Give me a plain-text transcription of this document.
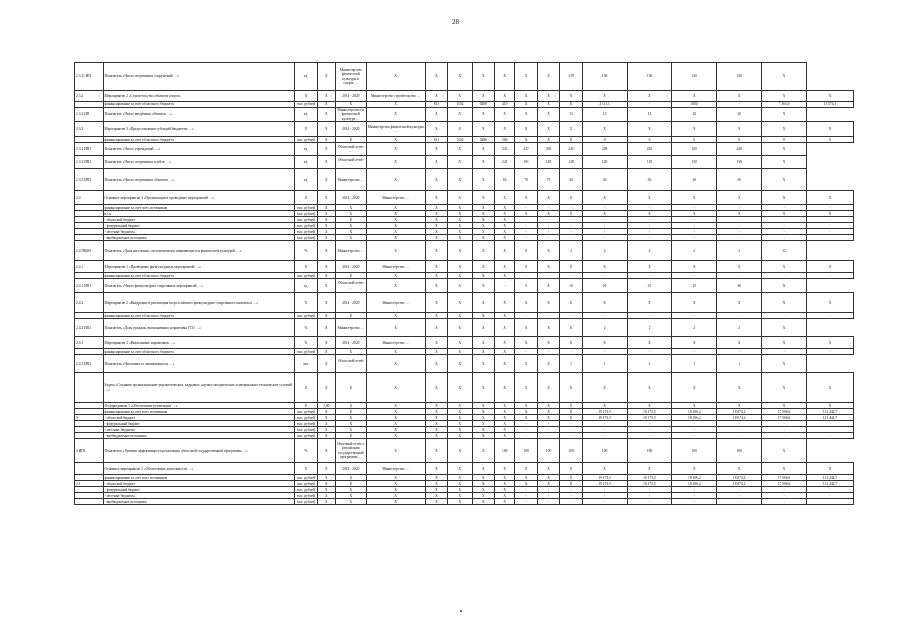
28
2.3.11 ИП	Показатель «Число спортивных сооружений …»	ед.	Х	Министерство физической культуры и спорта …	Х	Х	Х	Х	Х	Х	Х	139	139	130	130	130	Х	
2.3.2	Мероприятие 2 «Строительство объектов спорта»	Х	Х	2014 - 2020	Министерство строительства …	Х	Х	Х	Х	Х	Х	Х	Х	Х	Х	Х	Х	Х
	финансирование за счёт областного бюджета	тыс. рублей	Х	Х	Х	811	1102	0280	410	Х	Х	Х	2 111,1	-	100,0	-	7 363,0	11 574,1
2.3.2 ИП	Показатель «Число введённых объектов …»	ед.	Х	Министерство по физической культуре …	Х	Х	Х	Х	Х	Х	Х	13	15	15	20	20	Х	
2.3.3	Мероприятие 3 «Предоставление субсидий бюджетам …»	Х	Х	2014 - 2020	Министерство физической культуры …	Х	Х	Х	Х	Х	Х	Х	Х	Х	Х	Х	Х	Х
	финансирование за счёт областного бюджета	тыс. рублей	Х	Х	Х	811	1102	0280	500	Х	Х	Х	0	0	0	0	0	0
2.3.3 ИП1	Показатель «Число учреждений …»	ед.	Х	Областной отчёт …	Х	Х	Х	Х	243	247	250	245	248	245	250	240	Х	
2.3.3 ИП2	Показатель «Число спортивных клубов …»	ед.	Х	Областной отчёт …	Х	Х	Х	Х	241	191	148	128	120	118	130	136	Х	
2.3.3 ИП3	Показатель «Число спортивных объектов …»	ед.	Х	Министерство …	Х	Х	Х	Х	65	70	75	40	30	30	30	30	Х	
2.4	Основное мероприятие 4 «Организация и проведение мероприятий …»	Х	Х	2014 - 2020	Министерство …	Х	Х	Х	Х	Х	Х	Х	Х	Х	Х	Х	Х	Х
	финансирование за счёт всех источников	тыс. рублей	Х	Х	Х	Х	Х	Х	Х	-	-	-	-	-	-	-	-	-
	в т.ч.	тыс. рублей	Х	Х	Х	Х	Х	Х	Х	Х	Х	Х	Х	Х	Х	Х	Х	Х
	- областной бюджет	тыс. рублей	Х	Х	Х	Х	Х	Х	Х	-	-	-	-	-	-	-	-	-
	- федеральный бюджет	тыс. рублей	Х	Х	Х	Х	Х	Х	Х	-	-	-	-	-	-	-	-	-
	- местные бюджеты	тыс. рублей	Х	Х	Х	Х	Х	Х	Х	-	-	-	-	-	-	-	-	-
	- внебюджетные источники	тыс. рублей	Х	Х	Х	Х	Х	Х	Х	-	-	-	-	-	-	-	-	-
2.4 ПКМ1	Показатель «Доля населения, систематически занимающегося физической культурой …»	%	Х	Министерство …	Х	Х	Х	Х	Х	Х	Х	2	2	2	2	2	12	
2.4.1	Мероприятие 1 «Проведение физкультурных мероприятий …»	Х	Х	2014 - 2020	Министерство …	Х	Х	Х	Х	Х	Х	Х	Х	Х	Х	Х	Х	Х
	финансирование за счёт областного бюджета	тыс. рублей	Х	Х	Х	Х	Х	Х	Х	-	-	-	-	-	-	-	-	-
2.4.1 ИП1	Показатель «Число физкультурно-спортивных мероприятий …»	ед.	Х	Областной отчёт …	Х	Х	Х	Х	-	5	8	10	20	25	25	30	Х	
2.4.2	Мероприятие 2 «Внедрение и реализация всероссийского физкультурно-спортивного комплекса …»	Х	Х	2014 - 2020	Министерство …	Х	Х	Х	Х	Х	Х	Х	Х	Х	Х	Х	Х	Х
	финансирование за счёт областного бюджета	тыс. рублей	Х	Х	Х	Х	Х	Х	Х	-	-	-	-	-	-	-	-	-
2.4.2 ИП1	Показатель «Доля граждан, выполнивших нормативы ГТО …»	%	Х	Министерство …	Х	Х	Х	Х	Х	Х	Х	Х	2	2	2	2	Х	
2.4.3	Мероприятие 3 «Выполнение нормативов …»	Х	Х	2014 - 2020	Министерство …	Х	Х	Х	Х	Х	Х	Х	Х	Х	Х	Х	Х	Х
	финансирование за счёт областного бюджета	тыс. рублей	Х	Х	Х	Х	Х	Х	Х	-	-	-	-	-	-	-	-	-
2.4.3 ИП1	Показатель «Численность занимающихся …»	чел.	Х	Областной отчёт …	Х	Х	Х	Х	Х	Х	Х	1	1	1	1	1	Х	
	Задача «Создание организационно-управленческих, кадровых, научно-методических и материально-технических условий …»	Х	Х	Х	Х	Х	Х	Х	Х	Х	Х	Х	Х	Х	Х	Х	Х	Х
	Подпрограмма 3 «Обеспечение реализации …»	Х	1,00	Х	Х	Х	Х	Х	Х	Х	Х	Х	Х	Х	Х	Х	Х	Х
	финансирование за счёт всех источников	тыс. рублей	Х	Х	Х	Х	Х	Х	Х	Х	Х	Х	19 173,5	19 173,5	18 106,2	18 074,2	17 506,6	121 444,7
3	- областной бюджет	тыс. рублей	Х	Х	Х	Х	Х	Х	Х	Х	Х	Х	19 173,5	19 173,5	18 106,2	18 074,2	17 506,6	121 444,7
	- федеральный бюджет	тыс. рублей	Х	Х	Х	Х	Х	Х	Х	-	-	-	-	-	-	-	-	-
	- местные бюджеты	тыс. рублей	Х	Х	Х	Х	Х	Х	Х	-	-	-	-	-	-	-	-	-
	- внебюджетные источники	тыс. рублей	Х	Х	Х	Х	Х	Х	Х	-	-	-	-	-	-	-	-	-
3 ИП1	Показатель «Уровень эффективности реализации областной государственной программы …»	%	Х	Итоговый отчёт о реализации государственной программы …	Х	Х	Х	Х	100	100	100	100	100	100	100	100	Х	
	Основное мероприятие 1 «Обеспечение деятельности …»	Х	Х	2014 - 2020	Министерство …	Х	Х	Х	Х	Х	Х	Х	Х	Х	Х	Х	Х	Х
	финансирование за счёт всех источников	тыс. рублей	Х	Х	Х	Х	Х	Х	Х	Х	Х	Х	19 173,5	19 173,5	18 106,2	18 074,2	17 506,6	121 444,7
3.1	- областной бюджет	тыс. рублей	Х	Х	Х	Х	Х	Х	Х	Х	Х	Х	19 173,5	19 173,5	18 106,2	18 074,2	17 506,6	121 444,7
	- федеральный бюджет	тыс. рублей	Х	Х	Х	Х	Х	Х	Х	-	-	-	-	-	-	-	-	-
	- местные бюджеты	тыс. рублей	Х	Х	Х	Х	Х	Х	Х	-	-	-	-	-	-	-	-	-
	- внебюджетные источники	тыс. рублей	Х	Х	Х	Х	Х	Х	Х	-	-	-	-	-	-	-	-	-
